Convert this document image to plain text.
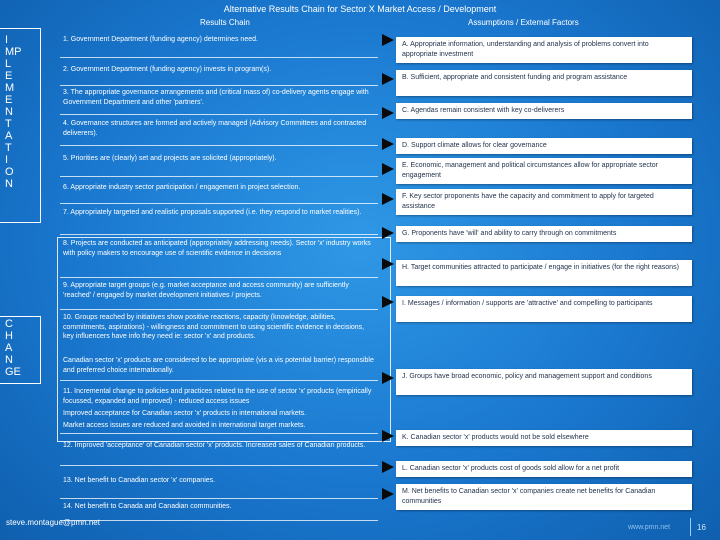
Alternative Results Chain for Sector X Market Access / Development
Results Chain	Assumptions / External Factors
I
MP
L
E
M
E
N
T
A
T
I
O
N
C
H
A
N
GE
1. Government Department (funding agency) determines need.
2. Government Department (funding agency) invests in program(s).
3. The appropriate governance arrangements and (critical mass of) co-delivery agents engage with Government Department and other 'partners'.
4. Governance structures are formed and actively managed (Advisory Committees and contracted deliverers).
5. Priorities are (clearly) set and projects are solicited (appropriately).
6. Appropriate industry sector participation / engagement in project selection.
7. Appropriately targeted and realistic proposals supported (i.e. they respond to market realities).
8. Projects are conducted as anticipated (appropriately addressing needs). Sector 'x' industry works with policy makers to encourage use of scientific evidence in decisions
9. Appropriate target groups (e.g. market acceptance and access community) are sufficiently 'reached' / engaged by market development initiatives / projects.
10. Groups reached by initiatives show positive reactions, capacity (knowledge, abilities, commitments, aspirations) - willingness and commitment to using scientific evidence in decisions, key influencers have info they need ie: sector 'x' and products.
Canadian sector 'x' products are considered to be appropriate (vis a vis potential barrier) responsible and preferred choice internationally.
11. Incremental change to policies and practices related to the use of sector 'x' products (empirically focussed, expanded and improved) - reduced access issues
Improved acceptance for Canadian sector 'x' products in international markets.
Market access issues are reduced and avoided in international target markets.
12. Improved 'acceptance' of Canadian sector 'x' products. Increased sales of Canadian products.
13. Net benefit to Canadian sector 'x' companies.
14. Net benefit to Canada and Canadian communities.
A. Appropriate information, understanding and analysis of problems convert into appropriate investment
B. Sufficient, appropriate and consistent funding and program assistance
C. Agendas remain consistent with key co-deliverers
D. Support climate allows for clear governance
E. Economic, management and political circumstances allow for appropriate sector engagement
F. Key sector proponents have the capacity and commitment to apply for targeted assistance
G. Proponents have 'will' and ability to carry through on commitments
H. Target communities attracted to participate / engage in initiatives (for the right reasons)
I. Messages / information / supports are 'attractive' and compelling to participants
J. Groups have broad economic, policy and management support and conditions
K. Canadian sector 'x' products would not be sold elsewhere
L. Canadian sector 'x' products cost of goods sold allow for a net profit
M. Net benefits to Canadian sector 'x' companies create net benefits for Canadian communities
steve.montague@pmn.net
www.pmn.net	16
